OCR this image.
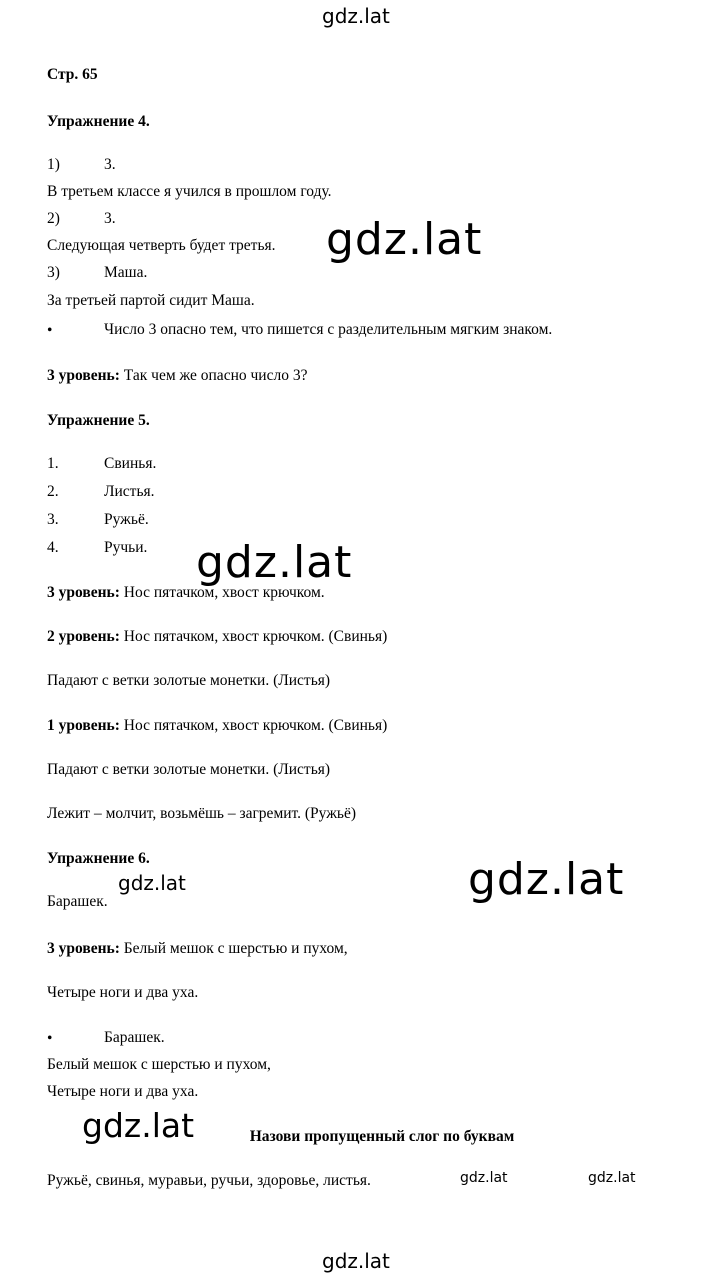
gdz.lat
gdz.lat
gdz.lat
gdz.lat
gdz.lat
gdz.lat
gdz.lat	gdz.lat
gdz.lat
Стр. 65
Упражнение 4.
1)	3.
В третьем классе я учился в прошлом году.
2)	3.
Следующая четверть будет третья.
3)	Маша.
За третьей партой сидит Маша.
•	Число 3 опасно тем, что пишется с разделительным мягким знаком.
3 уровень: Так чем же опасно число 3?
Упражнение 5.
1.	Свинья.
2.	Листья.
3.	Ружьё.
4.	Ручьи.
3 уровень: Нос пятачком, хвост крючком.
2 уровень: Нос пятачком, хвост крючком. (Свинья)
Падают с ветки золотые монетки. (Листья)
1 уровень: Нос пятачком, хвост крючком. (Свинья)
Падают с ветки золотые монетки. (Листья)
Лежит – молчит, возьмёшь – загремит. (Ружьё)
Упражнение 6.
Барашек.
3 уровень: Белый мешок с шерстью и пухом,
Четыре ноги и два уха.
•	Барашек.
Белый мешок с шерстью и пухом,
Четыре ноги и два уха.
Назови пропущенный слог по буквам
Ружьё, свинья, муравьи, ручьи, здоровье, листья.
